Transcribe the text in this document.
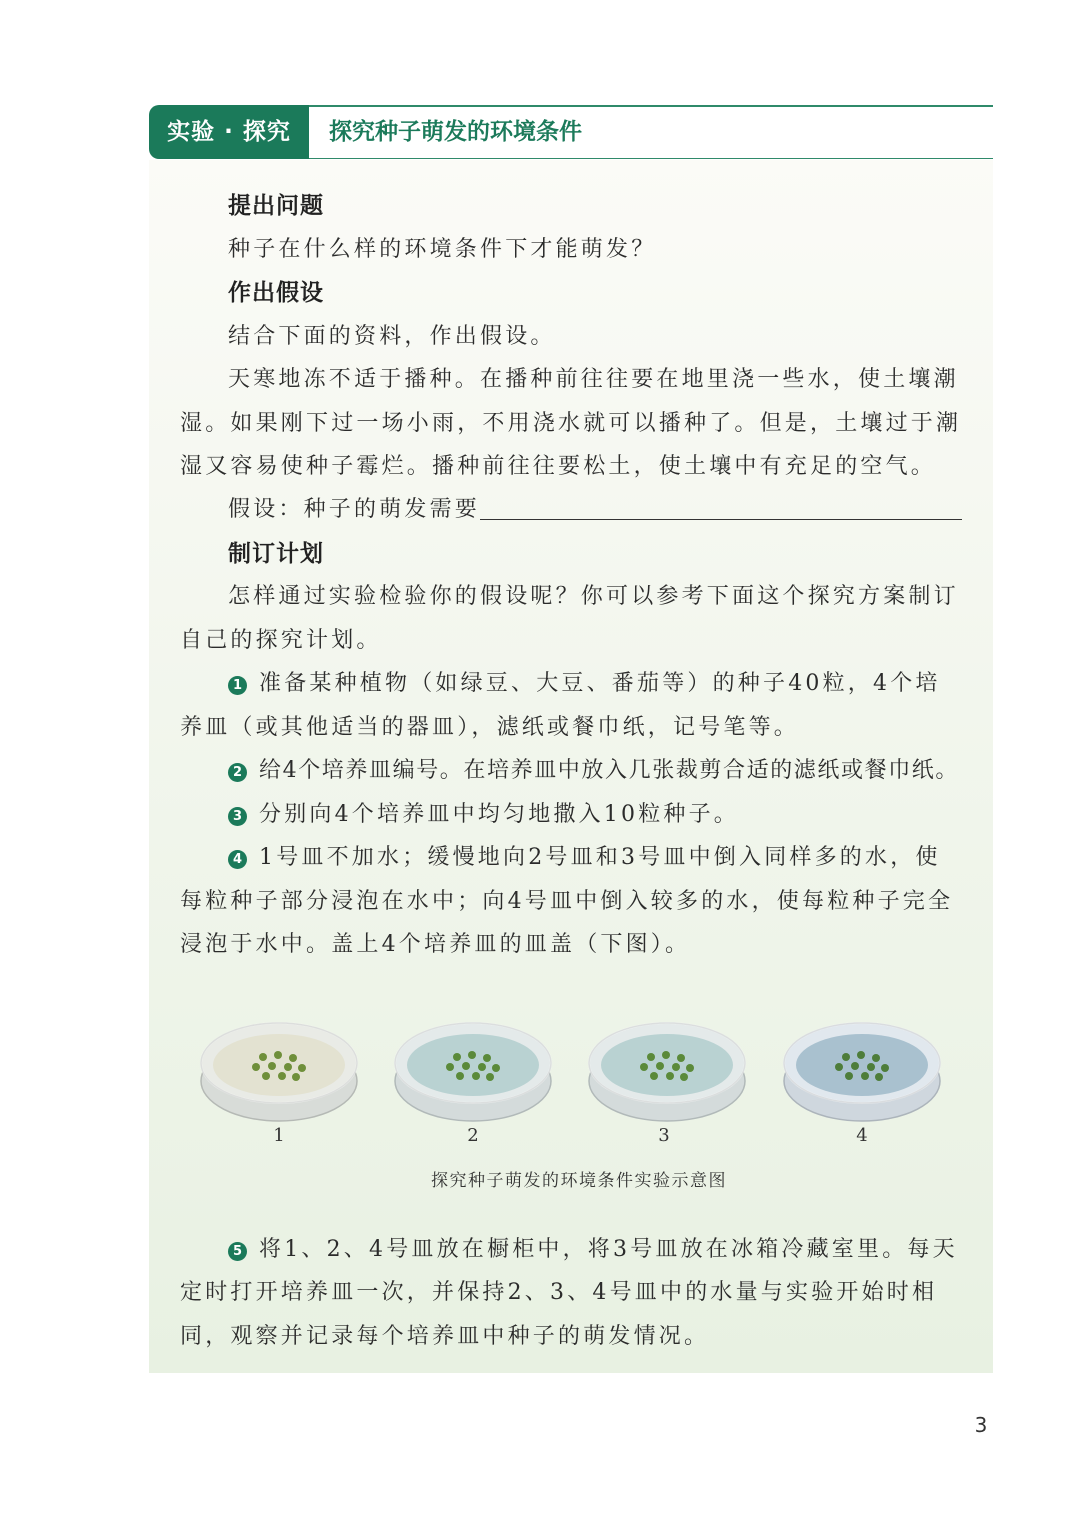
实验 · 探究	探究种子萌发的环境条件
提出问题
种子在什么样的环境条件下才能萌发？
作出假设
结合下面的资料，作出假设。
天寒地冻不适于播种。在播种前往往要在地里浇一些水，使土壤潮
湿。如果刚下过一场小雨，不用浇水就可以播种了。但是，土壤过于潮
湿又容易使种子霉烂。播种前往往要松土，使土壤中有充足的空气。
假设：种子的萌发需要
制订计划
怎样通过实验检验你的假设呢？你可以参考下面这个探究方案制订
自己的探究计划。
1 准备某种植物（如绿豆、大豆、番茄等）的种子40粒，4个培
养皿（或其他适当的器皿），滤纸或餐巾纸，记号笔等。
2 给4个培养皿编号。在培养皿中放入几张裁剪合适的滤纸或餐巾纸。
3 分别向4个培养皿中均匀地撒入10粒种子。
4 1号皿不加水；缓慢地向2号皿和3号皿中倒入同样多的水，使
每粒种子部分浸泡在水中；向4号皿中倒入较多的水，使每粒种子完全
浸泡于水中。盖上4个培养皿的皿盖（下图）。
1	2	3	4
探究种子萌发的环境条件实验示意图
5 将1、2、4号皿放在橱柜中，将3号皿放在冰箱冷藏室里。每天
定时打开培养皿一次，并保持2、3、4号皿中的水量与实验开始时相
同，观察并记录每个培养皿中种子的萌发情况。
3
